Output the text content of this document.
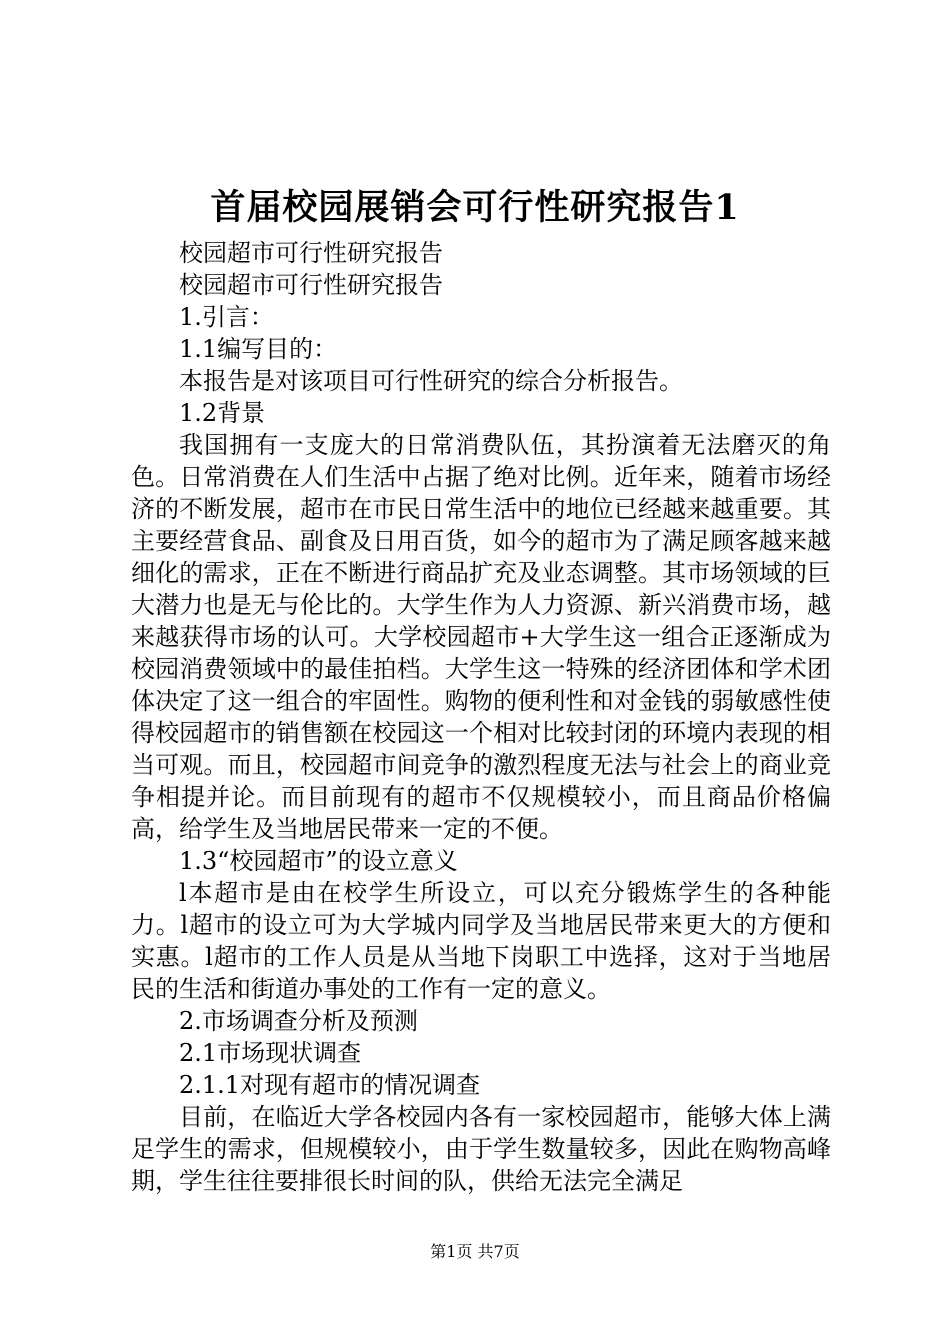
首届校园展销会可行性研究报告1

校园超市可行性研究报告

校园超市可行性研究报告

1.引言：

1.1编写目的：

本报告是对该项目可行性研究的综合分析报告。

1.2背景

我国拥有一支庞大的日常消费队伍，其扮演着无法磨灭的角色。日常消费在人们生活中占据了绝对比例。近年来，随着市场经济的不断发展，超市在市民日常生活中的地位已经越来越重要。其主要经营食品、副食及日用百货，如今的超市为了满足顾客越来越细化的需求，正在不断进行商品扩充及业态调整。其市场领域的巨大潜力也是无与伦比的。大学生作为人力资源、新兴消费市场，越来越获得市场的认可。大学校园超市+大学生这一组合正逐渐成为校园消费领域中的最佳拍档。大学生这一特殊的经济团体和学术团体决定了这一组合的牢固性。购物的便利性和对金钱的弱敏感性使得校园超市的销售额在校园这一个相对比较封闭的环境内表现的相当可观。而且，校园超市间竞争的激烈程度无法与社会上的商业竞争相提并论。而目前现有的超市不仅规模较小，而且商品价格偏高，给学生及当地居民带来一定的不便。

1.3“校园超市”的设立意义

l本超市是由在校学生所设立，可以充分锻炼学生的各种能力。l超市的设立可为大学城内同学及当地居民带来更大的方便和实惠。l超市的工作人员是从当地下岗职工中选择，这对于当地居民的生活和街道办事处的工作有一定的意义。

2.市场调查分析及预测

2.1市场现状调查

2.1.1对现有超市的情况调查

目前，在临近大学各校园内各有一家校园超市，能够大体上满足学生的需求，但规模较小，由于学生数量较多，因此在购物高峰期，学生往往要排很长时间的队，供给无法完全满足

第1页 共7页
